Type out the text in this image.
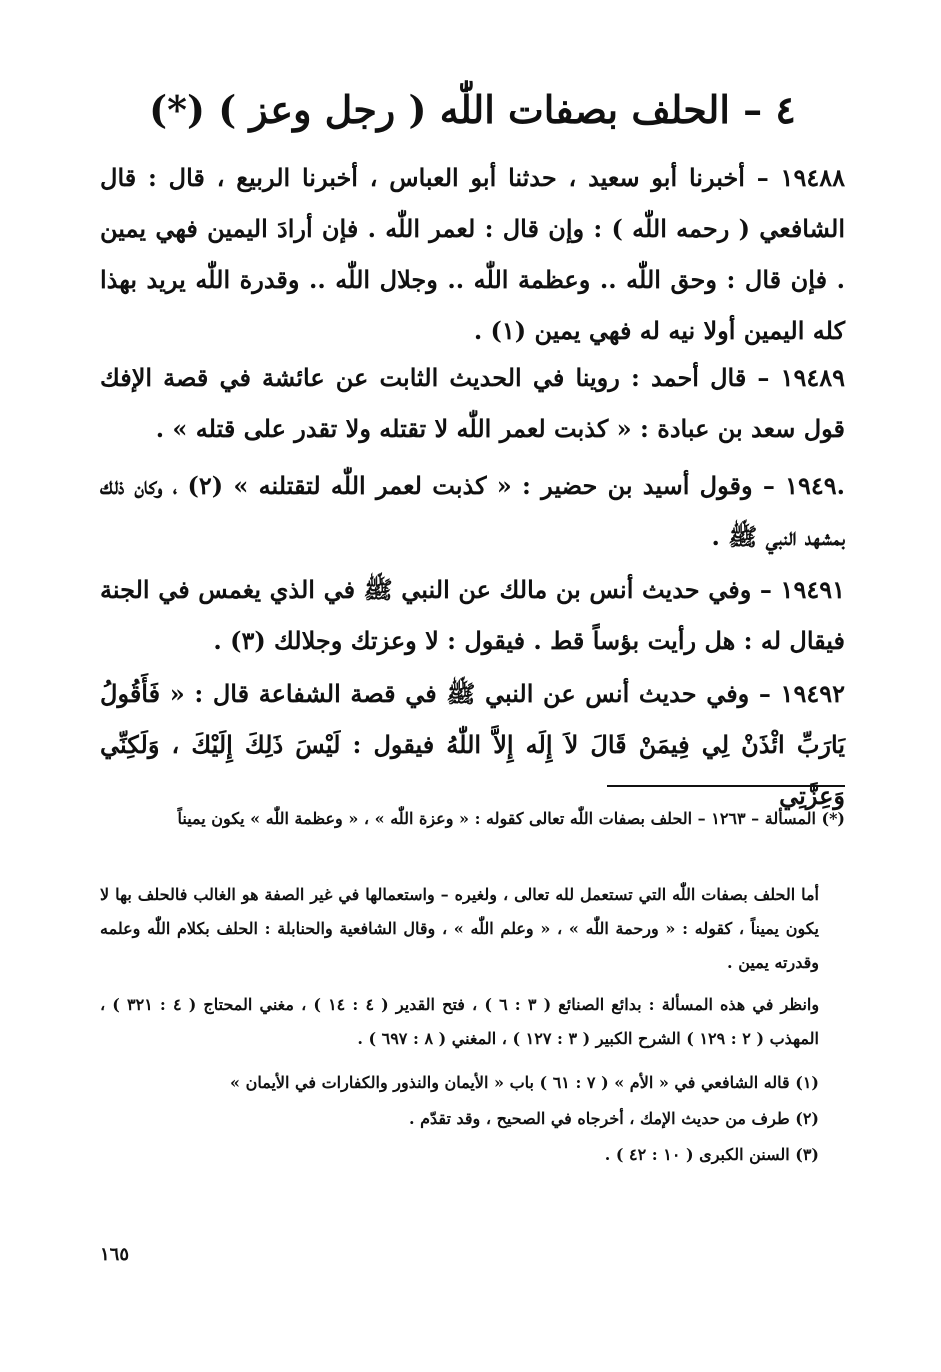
٤ – الحلف بصفات اللّٰه ( رجل وعز ) (*)

١٩٤٨٨ – أخبرنا أبو سعيد ، حدثنا أبو العباس ، أخبرنا الربيع ، قال : قال الشافعي ( رحمه اللّٰه ) : وإن قال : لعمر اللّٰه . فإن أرادَ اليمين فهي يمين . فإن قال : وحق اللّٰه .. وعظمة اللّٰه .. وجلال اللّٰه .. وقدرة اللّٰه يريد بهذا كله اليمين أولا نيه له فهي يمين (١) .

١٩٤٨٩ – قال أحمد : روينا في الحديث الثابت عن عائشة في قصة الإفك قول سعد بن عبادة : « كذبت لعمر اللّٰه لا تقتله ولا تقدر على قتله » .

.١٩٤٩ – وقول أسيد بن حضير : « كذبت لعمر اللّٰه لتقتلنه » (٢) ، وكان ذلك بمشهد النبي ﷺ .

١٩٤٩١ – وفي حديث أنس بن مالك عن النبي ﷺ في الذي يغمس في الجنة فيقال له : هل رأيت بؤساً قط . فيقول : لا وعزتك وجلالك (٣) .

١٩٤٩٢ – وفي حديث أنس عن النبي ﷺ في قصة الشفاعة قال : « فَأَقُولُ يَارَبِّ ائْذَنْ لِي فِيمَنْ قَالَ لاَ إِلَه إِلاَّ اللّٰهُ فيقول : لَيْسَ ذَلِكَ إِلَيْكَ ، وَلَكِنِّي وَعِزَّتِي

(*) المسألة – ١٢٦٣ – الحلف بصفات اللّٰه تعالى كقوله : « وعزة اللّٰه » ، « وعظمة اللّٰه » يكون يميناً

أما الحلف بصفات اللّٰه التي تستعمل لله تعالى ، ولغيره – واستعمالها في غير الصفة هو الغالب فالحلف بها لا يكون يميناً ، كقوله : « ورحمة اللّٰه » ، « وعلم اللّٰه » ، وقال الشافعية والحنابلة : الحلف بكلام اللّٰه وعلمه وقدرته يمين .

وانظر في هذه المسألة : بدائع الصنائع ( ٣ : ٦ ) ، فتح القدير ( ٤ : ١٤ ) ، مغني المحتاج ( ٤ : ٣٢١ ) ، المهذب ( ٢ : ١٢٩ ) الشرح الكبير ( ٣ : ١٢٧ ) ، المغني ( ٨ : ٦٩٧ ) .

(١) قاله الشافعي في « الأم » ( ٧ : ٦١ ) باب « الأيمان والنذور والكفارات في الأيمان »

(٢) طرف من حديث الإمك ، أخرجاه في الصحيح ، وقد تقدّم .

(٣) السنن الكبرى ( ١٠ : ٤٢ ) .

١٦٥
